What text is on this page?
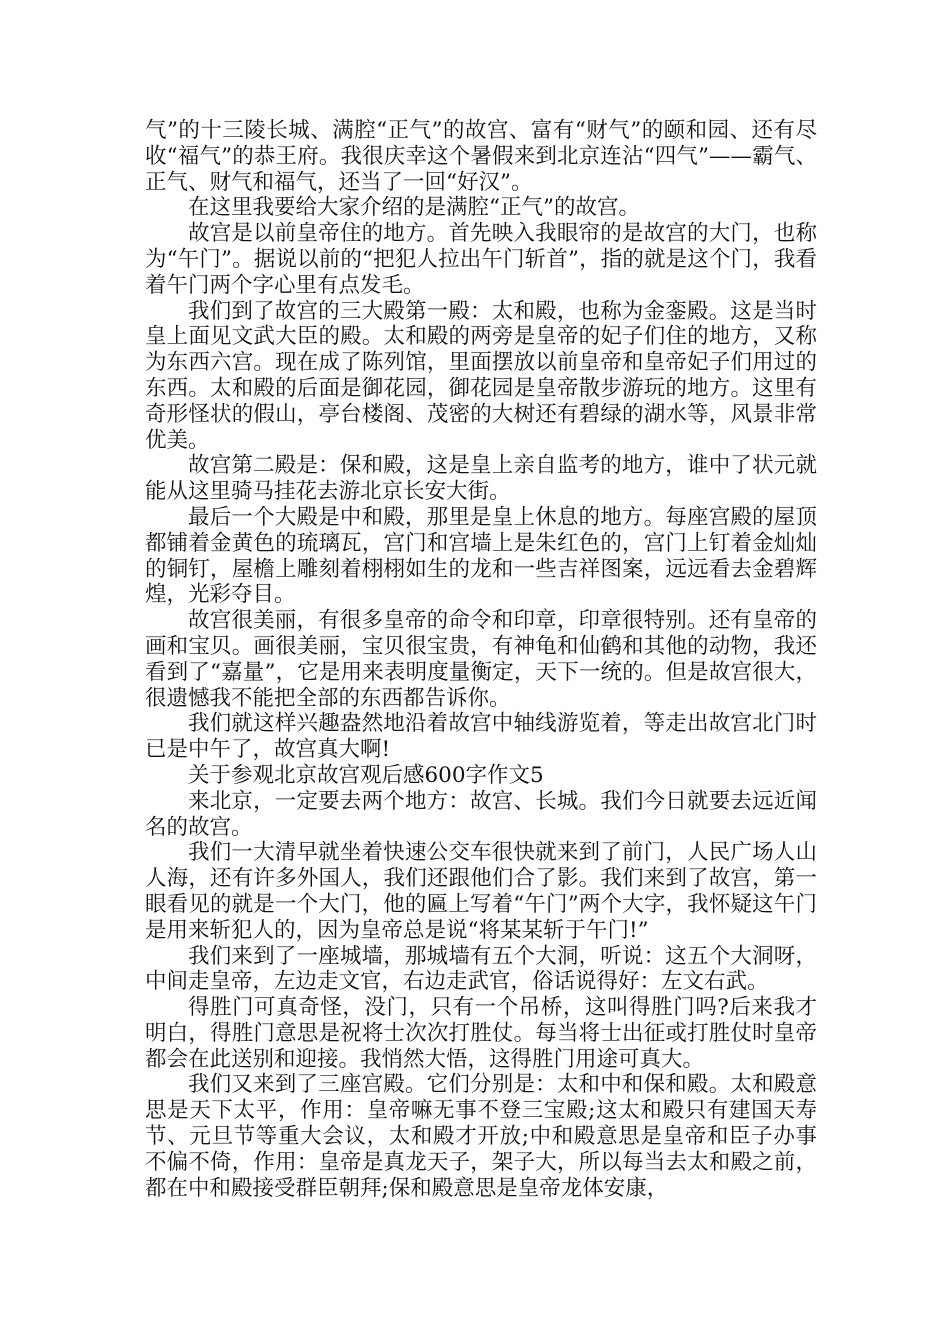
气”的十三陵长城、满腔“正气”的故宫、富有“财气”的颐和园、还有尽收“福气”的恭王府。我很庆幸这个暑假来到北京连沾“四气”——霸气、正气、财气和福气，还当了一回“好汉”。

在这里我要给大家介绍的是满腔“正气”的故宫。

故宫是以前皇帝住的地方。首先映入我眼帘的是故宫的大门，也称为“午门”。据说以前的“把犯人拉出午门斩首”，指的就是这个门，我看着午门两个字心里有点发毛。

我们到了故宫的三大殿第一殿：太和殿，也称为金銮殿。这是当时皇上面见文武大臣的殿。太和殿的两旁是皇帝的妃子们住的地方，又称为东西六宫。现在成了陈列馆，里面摆放以前皇帝和皇帝妃子们用过的东西。太和殿的后面是御花园，御花园是皇帝散步游玩的地方。这里有奇形怪状的假山，亭台楼阁、茂密的大树还有碧绿的湖水等，风景非常优美。

故宫第二殿是：保和殿，这是皇上亲自监考的地方，谁中了状元就能从这里骑马挂花去游北京长安大街。

最后一个大殿是中和殿，那里是皇上休息的地方。每座宫殿的屋顶都铺着金黄色的琉璃瓦，宫门和宫墙上是朱红色的，宫门上钉着金灿灿的铜钉，屋檐上雕刻着栩栩如生的龙和一些吉祥图案，远远看去金碧辉煌，光彩夺目。

故宫很美丽，有很多皇帝的命令和印章，印章很特别。还有皇帝的画和宝贝。画很美丽，宝贝很宝贵，有神龟和仙鹤和其他的动物，我还看到了“嘉量”，它是用来表明度量衡定，天下一统的。但是故宫很大，很遗憾我不能把全部的东西都告诉你。

我们就这样兴趣盎然地沿着故宫中轴线游览着，等走出故宫北门时已是中午了，故宫真大啊!

关于参观北京故宫观后感600字作文5

来北京，一定要去两个地方：故宫、长城。我们今日就要去远近闻名的故宫。

我们一大清早就坐着快速公交车很快就来到了前门，人民广场人山人海，还有许多外国人，我们还跟他们合了影。我们来到了故宫，第一眼看见的就是一个大门，他的匾上写着“午门”两个大字，我怀疑这午门是用来斩犯人的，因为皇帝总是说“将某某斩于午门!”

我们来到了一座城墙，那城墙有五个大洞，听说：这五个大洞呀，中间走皇帝，左边走文官，右边走武官，俗话说得好：左文右武。

得胜门可真奇怪，没门，只有一个吊桥，这叫得胜门吗?后来我才明白，得胜门意思是祝将士次次打胜仗。每当将士出征或打胜仗时皇帝都会在此送别和迎接。我悄然大悟，这得胜门用途可真大。

我们又来到了三座宫殿。它们分别是：太和中和保和殿。太和殿意思是天下太平，作用：皇帝嘛无事不登三宝殿;这太和殿只有建国天寿节、元旦节等重大会议，太和殿才开放;中和殿意思是皇帝和臣子办事不偏不倚，作用：皇帝是真龙天子，架子大，所以每当去太和殿之前，都在中和殿接受群臣朝拜;保和殿意思是皇帝龙体安康，
